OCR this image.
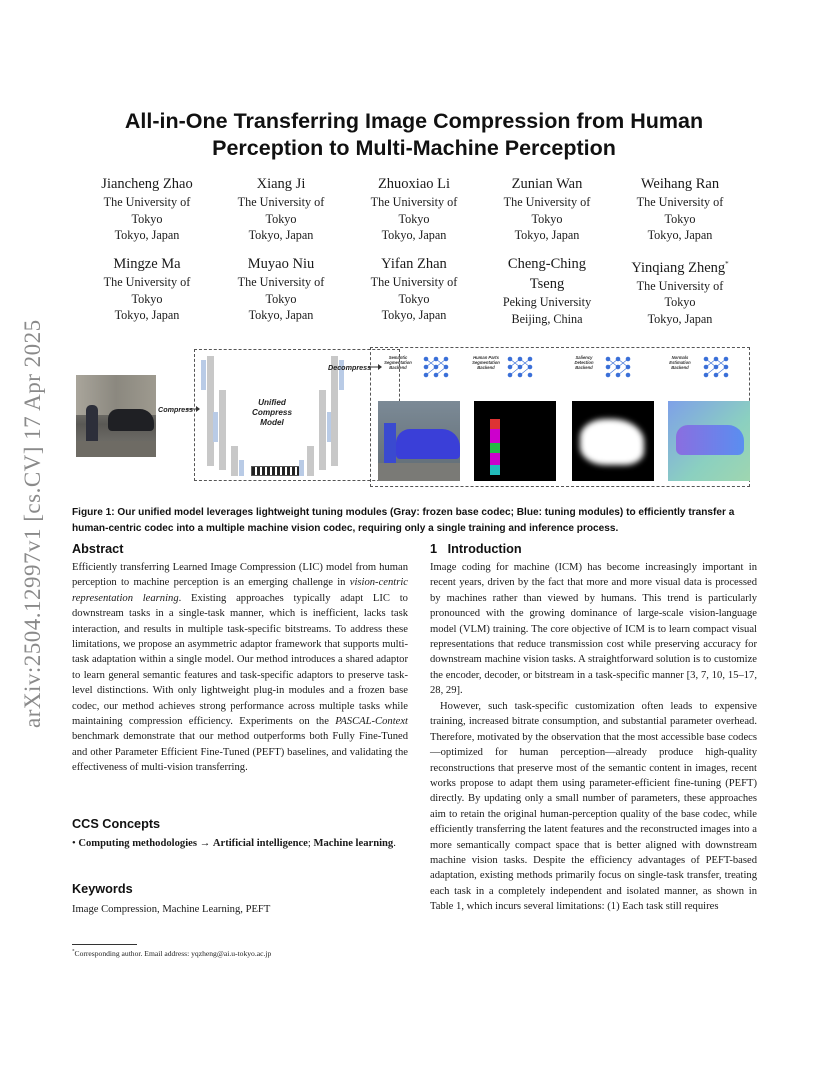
arXiv:2504.12997v1 [cs.CV] 17 Apr 2025
All-in-One Transferring Image Compression from Human
Perception to Multi-Machine Perception
Jiancheng Zhao
The University of
Tokyo
Tokyo, Japan
Xiang Ji
The University of
Tokyo
Tokyo, Japan
Zhuoxiao Li
The University of
Tokyo
Tokyo, Japan
Zunian Wan
The University of
Tokyo
Tokyo, Japan
Weihang Ran
The University of
Tokyo
Tokyo, Japan
Mingze Ma
The University of
Tokyo
Tokyo, Japan
Muyao Niu
The University of
Tokyo
Tokyo, Japan
Yifan Zhan
The University of
Tokyo
Tokyo, Japan
Cheng-Ching
Tseng
Peking University
Beijing, China
Yinqiang Zheng*
The University of
Tokyo
Tokyo, Japan
Compress
Unified
Compress
Model
Decompress
Semantic
Segmentation
Backend
Human Parts
Segmentation
Backend
Saliency
Detection
Backend
Normals
Estimation
Backend
Figure 1: Our unified model leverages lightweight tuning modules (Gray: frozen base codec; Blue: tuning modules) to efficiently transfer a human-centric codec into a multiple machine vision codec, requiring only a single training and inference process.
Abstract
Efficiently transferring Learned Image Compression (LIC) model from human perception to machine perception is an emerging challenge in vision-centric representation learning. Existing approaches typically adapt LIC to downstream tasks in a single-task manner, which is inefficient, lacks task interaction, and results in multiple task-specific bitstreams. To address these limitations, we propose an asymmetric adaptor framework that supports multi-task adaptation within a single model. Our method introduces a shared adaptor to learn general semantic features and task-specific adaptors to preserve task-level distinctions. With only lightweight plug-in modules and a frozen base codec, our method achieves strong performance across multiple tasks while maintaining compression efficiency. Experiments on the PASCAL-Context benchmark demonstrate that our method outperforms both Fully Fine-Tuned and other Parameter Efficient Fine-Tuned (PEFT) baselines, and validating the effectiveness of multi-vision transferring.
CCS Concepts
• Computing methodologies → Artificial intelligence; Machine learning.
Keywords
Image Compression, Machine Learning, PEFT
1 Introduction
Image coding for machine (ICM) has become increasingly important in recent years, driven by the fact that more and more visual data is processed by machines rather than viewed by humans. This trend is particularly pronounced with the growing dominance of large-scale vision-language model (VLM) training. The core objective of ICM is to learn compact visual representations that reduce transmission cost while preserving accuracy for downstream machine vision tasks. A straightforward solution is to customize the encoder, decoder, or bitstream in a task-specific manner [3, 7, 10, 15–17, 28, 29].
However, such task-specific customization often leads to expensive training, increased bitrate consumption, and substantial parameter overhead. Therefore, motivated by the observation that the most accessible base codecs—optimized for human perception—already produce high-quality reconstructions that preserve most of the semantic content in images, recent works propose to adapt them using parameter-efficient fine-tuning (PEFT) directly. By updating only a small number of parameters, these approaches aim to retain the original human-perception quality of the base codec, while efficiently transferring the latent features and the reconstructed images into a more semantically compact space that is better aligned with downstream machine vision tasks. Despite the efficiency advantages of PEFT-based adaptation, existing methods primarily focus on single-task transfer, treating each task in a completely independent and isolated manner, as shown in Table 1, which incurs several limitations: (1) Each task still requires
*Corresponding author. Email address: yqzheng@ai.u-tokyo.ac.jp
